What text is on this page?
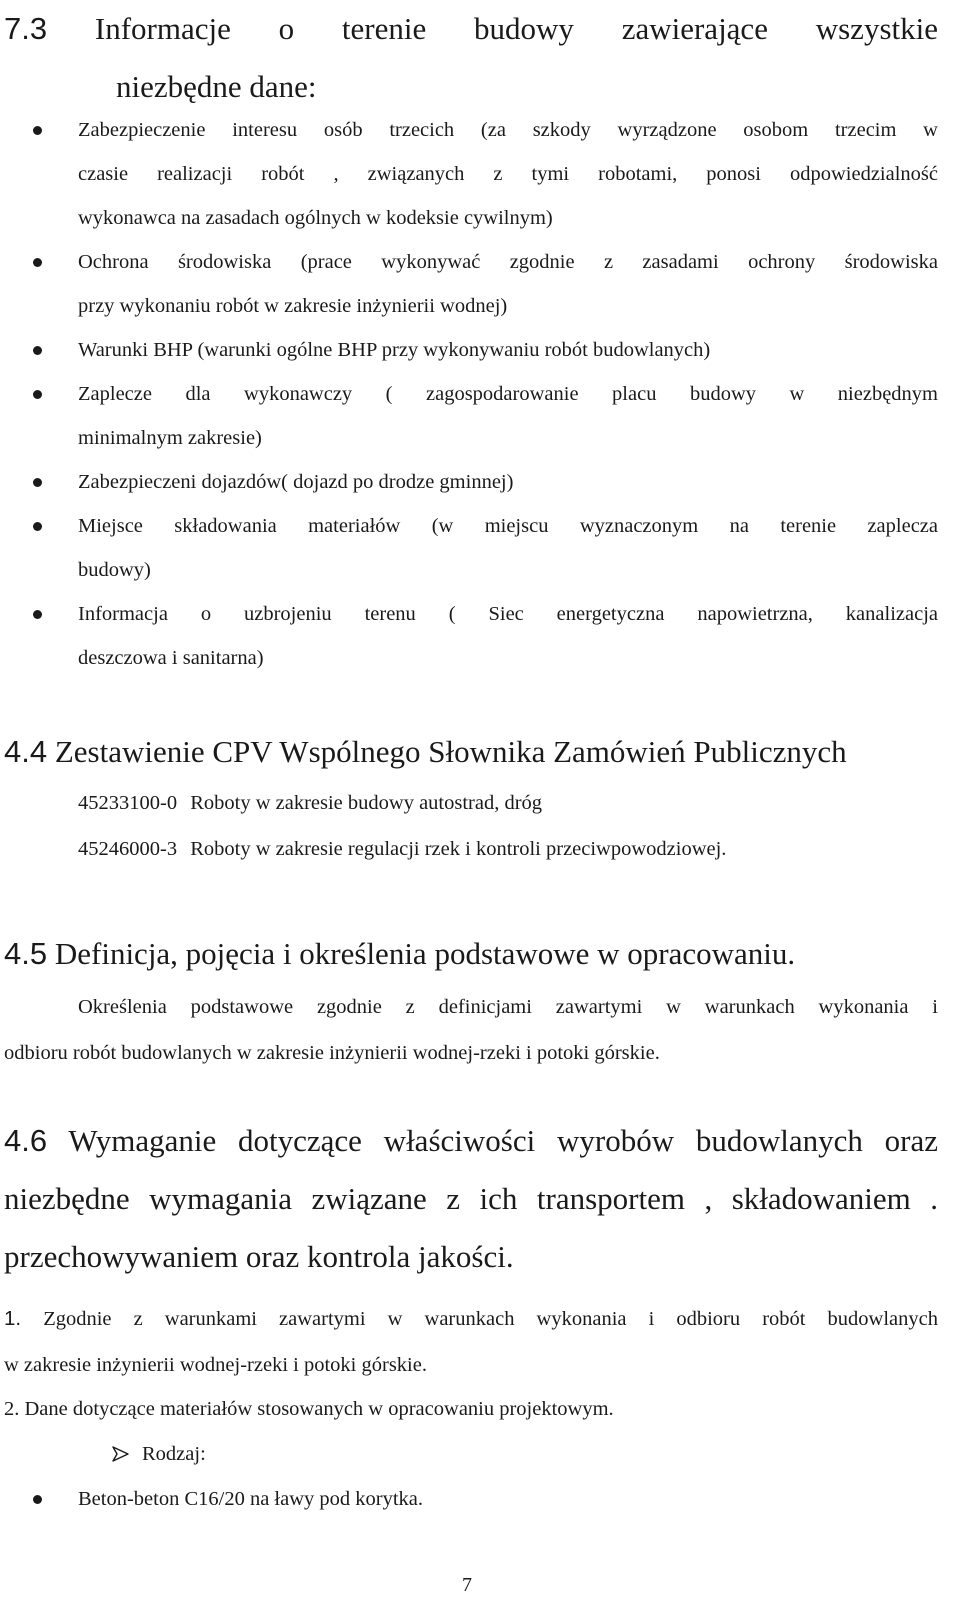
7.3 Informacje o terenie budowy zawierające wszystkie
niezbędne dane:
Zabezpieczenie interesu osób trzecich (za szkody wyrządzone osobom trzecim w
czasie realizacji robót , związanych z tymi robotami, ponosi odpowiedzialność
wykonawca na zasadach ogólnych w kodeksie cywilnym)
Ochrona środowiska (prace wykonywać zgodnie z zasadami ochrony środowiska
przy wykonaniu robót w zakresie inżynierii wodnej)
Warunki BHP (warunki ogólne BHP przy wykonywaniu robót budowlanych)
Zaplecze dla wykonawczy ( zagospodarowanie placu budowy w niezbędnym
minimalnym zakresie)
Zabezpieczeni dojazdów( dojazd po drodze gminnej)
Miejsce składowania materiałów (w miejscu wyznaczonym na terenie zaplecza
budowy)
Informacja o uzbrojeniu terenu ( Siec energetyczna napowietrzna, kanalizacja
deszczowa i sanitarna)
4.4 Zestawienie CPV Wspólnego Słownika Zamówień Publicznych
45233100-0 Roboty w zakresie budowy autostrad, dróg
45246000-3 Roboty w zakresie regulacji rzek i kontroli przeciwpowodziowej.
4.5 Definicja, pojęcia i określenia podstawowe w opracowaniu.
Określenia podstawowe zgodnie z definicjami zawartymi w warunkach wykonania i
odbioru robót budowlanych w zakresie inżynierii wodnej-rzeki i potoki górskie.
4.6 Wymaganie dotyczące właściwości wyrobów budowlanych oraz
niezbędne wymagania związane z ich transportem , składowaniem .
przechowywaniem oraz kontrola jakości.
1. Zgodnie z warunkami zawartymi w warunkach wykonania i odbioru robót budowlanych
w zakresie inżynierii wodnej-rzeki i potoki górskie.
2. Dane dotyczące materiałów stosowanych w opracowaniu projektowym.
Rodzaj:
Beton-beton C16/20 na ławy pod korytka.
7
